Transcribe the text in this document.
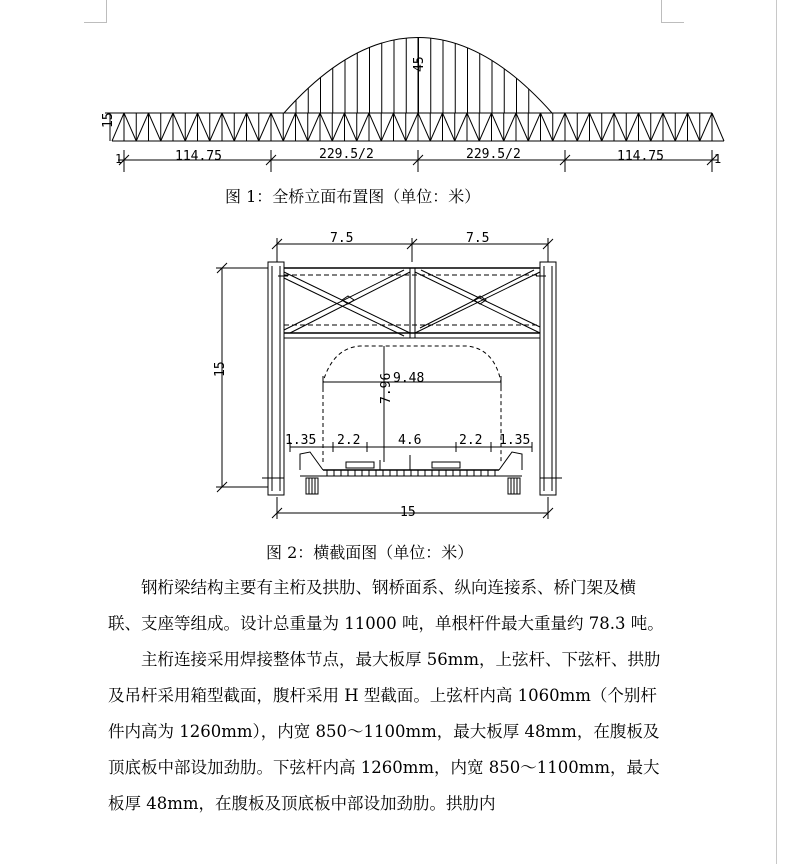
15
45
1	1
114.75	229.5/2	229.5/2	114.75
7.5	7.5
15
9.48
7.96
1.35 2.2	4.6	2.2 1.35
15
图 1：全桥立面布置图（单位：米）
图 2：横截面图（单位：米）

钢桁梁结构主要有主桁及拱肋、钢桥面系、纵向连接系、桥门架及横联、支座等组成。设计总重量为 11000 吨，单根杆件最大重量约 78.3 吨。

主桁连接采用焊接整体节点，最大板厚 56mm，上弦杆、下弦杆、拱肋及吊杆采用箱型截面，腹杆采用 H 型截面。上弦杆内高 1060mm（个别杆件内高为 1260mm），内宽 850～1100mm，最大板厚 48mm，在腹板及顶底板中部设加劲肋。下弦杆内高 1260mm，内宽 850～1100mm，最大板厚 48mm，在腹板及顶底板中部设加劲肋。拱肋内
